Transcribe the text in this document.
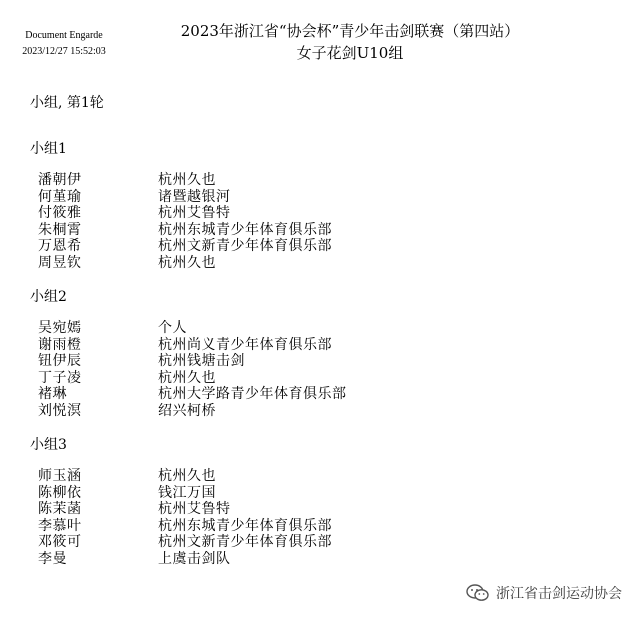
Document Engarde
2023/12/27 15:52:03
2023年浙江省“协会杯”青少年击剑联赛（第四站）
女子花剑U10组
小组, 第1轮
小组1
潘朝伊	杭州久也
何堇瑜	诸暨越银河
付筱雅	杭州艾鲁特
朱桐霄	杭州东城青少年体育俱乐部
万恩希	杭州文新青少年体育俱乐部
周昱钦	杭州久也
小组2
吴宛嫣	个人
谢雨橙	杭州尚义青少年体育俱乐部
钮伊辰	杭州钱塘击剑
丁子凌	杭州久也
褚琳	杭州大学路青少年体育俱乐部
刘悦溟	绍兴柯桥
小组3
师玉涵	杭州久也
陈柳依	钱江万国
陈茉菡	杭州艾鲁特
李慕叶	杭州东城青少年体育俱乐部
邓筱可	杭州文新青少年体育俱乐部
李曼	上虞击剑队
浙江省击剑运动协会
